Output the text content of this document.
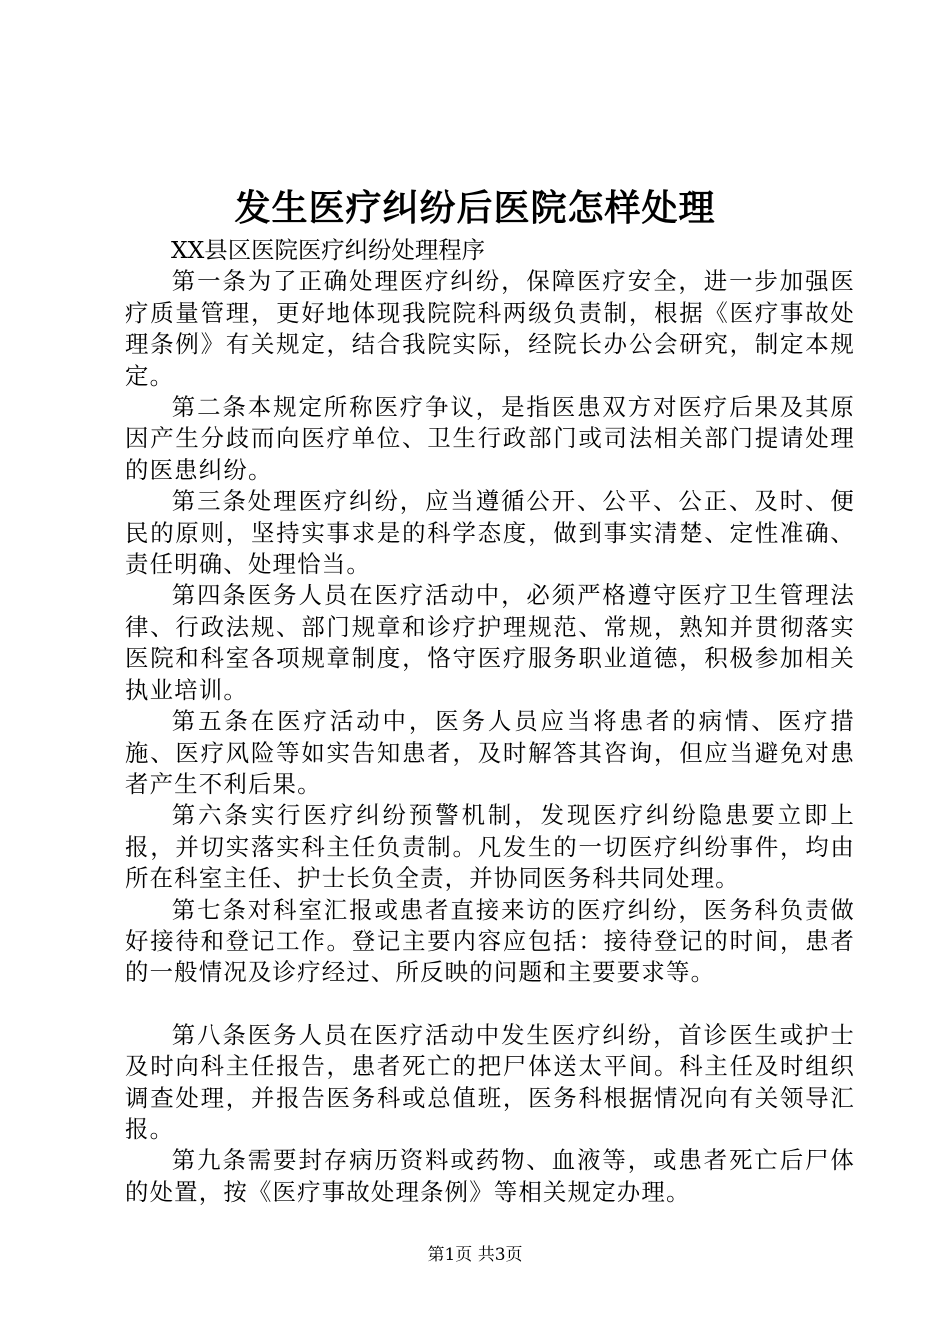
发生医疗纠纷后医院怎样处理

XX县区医院医疗纠纷处理程序

第一条为了正确处理医疗纠纷，保障医疗安全，进一步加强医疗质量管理，更好地体现我院院科两级负责制，根据《医疗事故处理条例》有关规定，结合我院实际，经院长办公会研究，制定本规定。

第二条本规定所称医疗争议，是指医患双方对医疗后果及其原因产生分歧而向医疗单位、卫生行政部门或司法相关部门提请处理的医患纠纷。

第三条处理医疗纠纷，应当遵循公开、公平、公正、及时、便民的原则，坚持实事求是的科学态度，做到事实清楚、定性准确、责任明确、处理恰当。

第四条医务人员在医疗活动中，必须严格遵守医疗卫生管理法律、行政法规、部门规章和诊疗护理规范、常规，熟知并贯彻落实医院和科室各项规章制度，恪守医疗服务职业道德，积极参加相关执业培训。

第五条在医疗活动中，医务人员应当将患者的病情、医疗措施、医疗风险等如实告知患者，及时解答其咨询，但应当避免对患者产生不利后果。

第六条实行医疗纠纷预警机制，发现医疗纠纷隐患要立即上报，并切实落实科主任负责制。凡发生的一切医疗纠纷事件，均由所在科室主任、护士长负全责，并协同医务科共同处理。

第七条对科室汇报或患者直接来访的医疗纠纷，医务科负责做好接待和登记工作。登记主要内容应包括：接待登记的时间，患者的一般情况及诊疗经过、所反映的问题和主要要求等。

第八条医务人员在医疗活动中发生医疗纠纷，首诊医生或护士及时向科主任报告，患者死亡的把尸体送太平间。科主任及时组织调查处理，并报告医务科或总值班，医务科根据情况向有关领导汇报。

第九条需要封存病历资料或药物、血液等，或患者死亡后尸体的处置，按《医疗事故处理条例》等相关规定办理。

第1页 共3页
